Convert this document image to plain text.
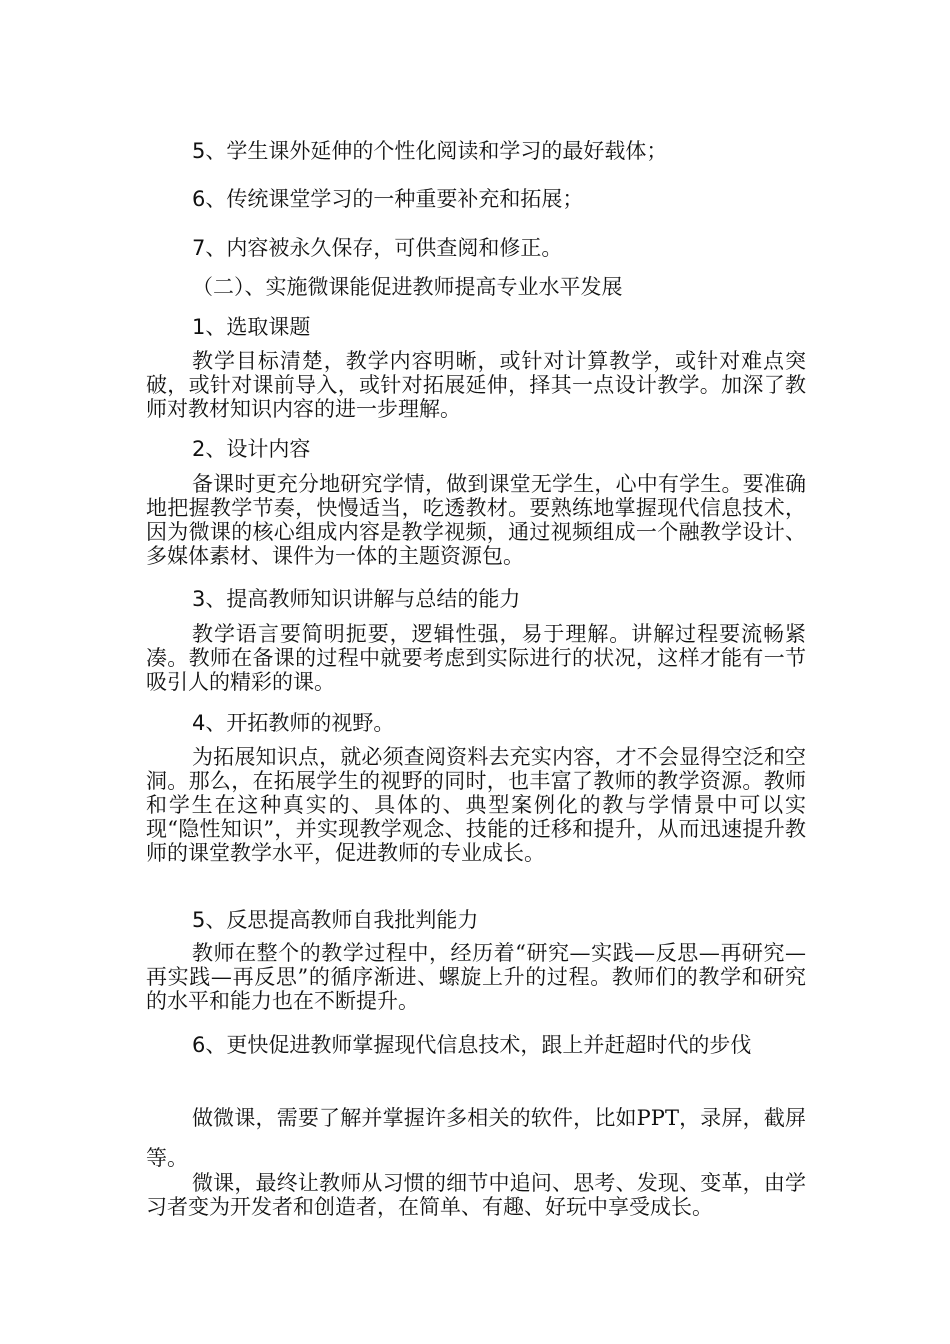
5、学生课外延伸的个性化阅读和学习的最好载体；

6、传统课堂学习的一种重要补充和拓展；

7、内容被永久保存，可供查阅和修正。

（二）、实施微课能促进教师提高专业水平发展

1、选取课题

教学目标清楚，教学内容明晰，或针对计算教学，或针对难点突破，或针对课前导入，或针对拓展延伸，择其一点设计教学。加深了教师对教材知识内容的进一步理解。

2、设计内容

备课时更充分地研究学情，做到课堂无学生，心中有学生。要准确地把握教学节奏，快慢适当，吃透教材。要熟练地掌握现代信息技术，因为微课的核心组成内容是教学视频，通过视频组成一个融教学设计、多媒体素材、课件为一体的主题资源包。

3、提高教师知识讲解与总结的能力

教学语言要简明扼要，逻辑性强，易于理解。讲解过程要流畅紧凑。教师在备课的过程中就要考虑到实际进行的状况，这样才能有一节吸引人的精彩的课。

4、开拓教师的视野。

为拓展知识点，就必须查阅资料去充实内容，才不会显得空泛和空洞。那么，在拓展学生的视野的同时，也丰富了教师的教学资源。教师和学生在这种真实的、具体的、典型案例化的教与学情景中可以实现“隐性知识”，并实现教学观念、技能的迁移和提升，从而迅速提升教师的课堂教学水平，促进教师的专业成长。

5、反思提高教师自我批判能力

教师在整个的教学过程中，经历着“研究—实践—反思—再研究—再实践—再反思”的循序渐进、螺旋上升的过程。教师们的教学和研究的水平和能力也在不断提升。

6、更快促进教师掌握现代信息技术，跟上并赶超时代的步伐

做微课，需要了解并掌握许多相关的软件，比如PPT，录屏，截屏等。

微课，最终让教师从习惯的细节中追问、思考、发现、变革，由学习者变为开发者和创造者，在简单、有趣、好玩中享受成长。
